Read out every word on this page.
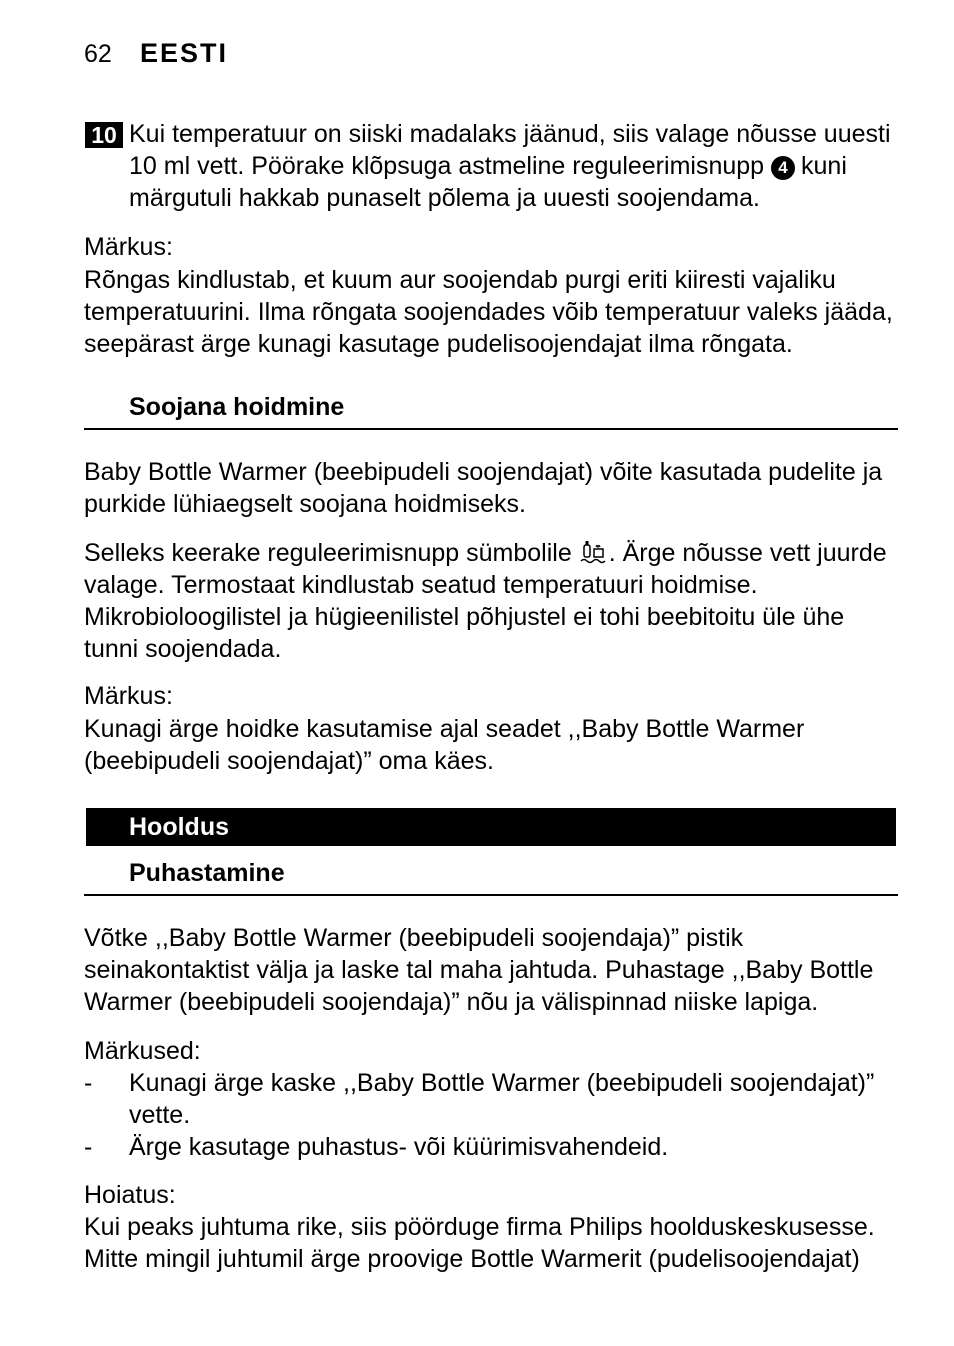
62 EESTI
10 Kui temperatuur on siiski madalaks jäänud, siis valage nõusse uuesti 10 ml vett. Pöörake klõpsuga astmeline reguleerimisnupp 4 kuni märgutuli hakkab punaselt põlema ja uuesti soojendama.
Märkus:
Rõngas kindlustab, et kuum aur soojendab purgi eriti kiiresti vajaliku temperatuurini. Ilma rõngata soojendades võib temperatuur valeks jääda, seepärast ärge kunagi kasutage pudelisoojendajat ilma rõngata.
Soojana hoidmine
Baby Bottle Warmer (beebipudeli soojendajat) võite kasutada pudelite ja purkide lühiaegselt soojana hoidmiseks.
Selleks keerake reguleerimisnupp sümbolile . Ärge nõusse vett juurde valage. Termostaat kindlustab seatud temperatuuri hoidmise. Mikrobioloogilistel ja hügieenilistel põhjustel ei tohi beebitoitu üle ühe tunni soojendada.
Märkus:
Kunagi ärge hoidke kasutamise ajal seadet ,,Baby Bottle Warmer (beebipudeli soojendajat)” oma käes.
Hooldus
Puhastamine
Võtke ,,Baby Bottle Warmer (beebipudeli soojendaja)” pistik seinakontaktist välja ja laske tal maha jahtuda. Puhastage ,,Baby Bottle Warmer (beebipudeli soojendaja)” nõu ja välispinnad niiske lapiga.
Märkused:
- Kunagi ärge kaske ,,Baby Bottle Warmer (beebipudeli soojendajat)” vette.
- Ärge kasutage puhastus- või küürimisvahendeid.
Hoiatus:
Kui peaks juhtuma rike, siis pöörduge firma Philips hoolduskeskusesse. Mitte mingil juhtumil ärge proovige Bottle Warmerit (pudelisoojendajat)
